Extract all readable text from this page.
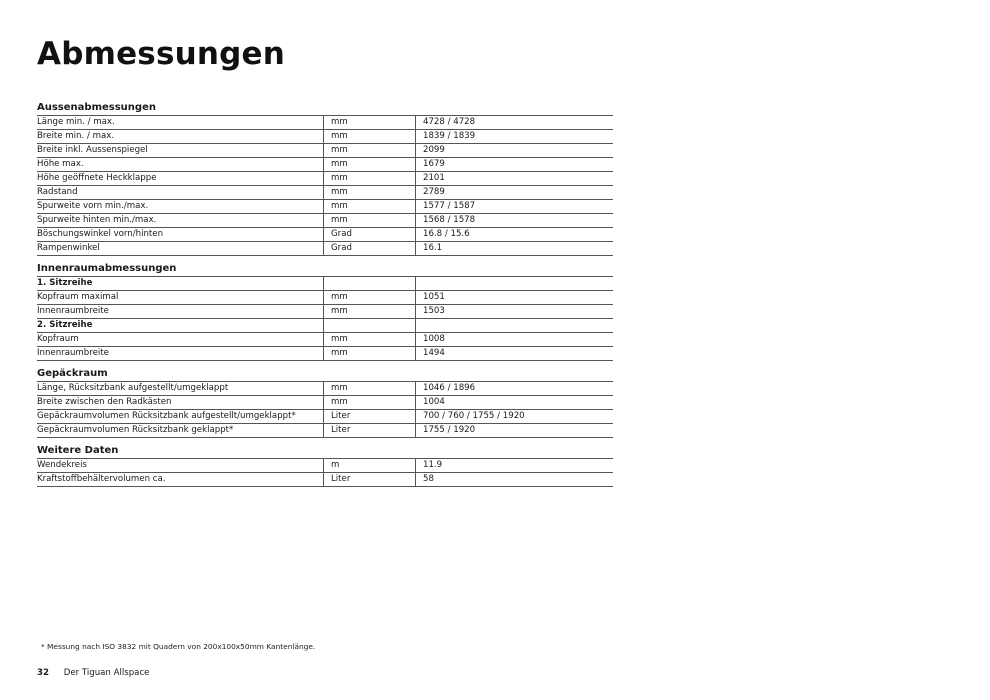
Abmessungen
Aussenabmessungen
Länge min. / max.	mm	4728 / 4728
Breite min. / max.	mm	1839 / 1839
Breite inkl. Aussenspiegel	mm	2099
Höhe max.	mm	1679
Höhe geöffnete Heckklappe	mm	2101
Radstand	mm	2789
Spurweite vorn min./max.	mm	1577 / 1587
Spurweite hinten min./max.	mm	1568 / 1578
Böschungswinkel vorn/hinten	Grad	16.8 / 15.6
Rampenwinkel	Grad	16.1
Innenraumabmessungen
1. Sitzreihe		
Kopfraum maximal	mm	1051
Innenraumbreite	mm	1503
2. Sitzreihe		
Kopfraum	mm	1008
Innenraumbreite	mm	1494
Gepäckraum
Länge, Rücksitzbank aufgestellt/umgeklappt	mm	1046 / 1896
Breite zwischen den Radkästen	mm	1004
Gepäckraumvolumen Rücksitzbank aufgestellt/umgeklappt*	Liter	700 / 760 / 1755 / 1920
Gepäckraumvolumen Rücksitzbank geklappt*	Liter	1755 / 1920
Weitere Daten
Wendekreis	m	11.9
Kraftstoffbehältervolumen ca.	Liter	58
* Messung nach ISO 3832 mit Quadern von 200x100x50mm Kantenlänge.
32 Der Tiguan Allspace
